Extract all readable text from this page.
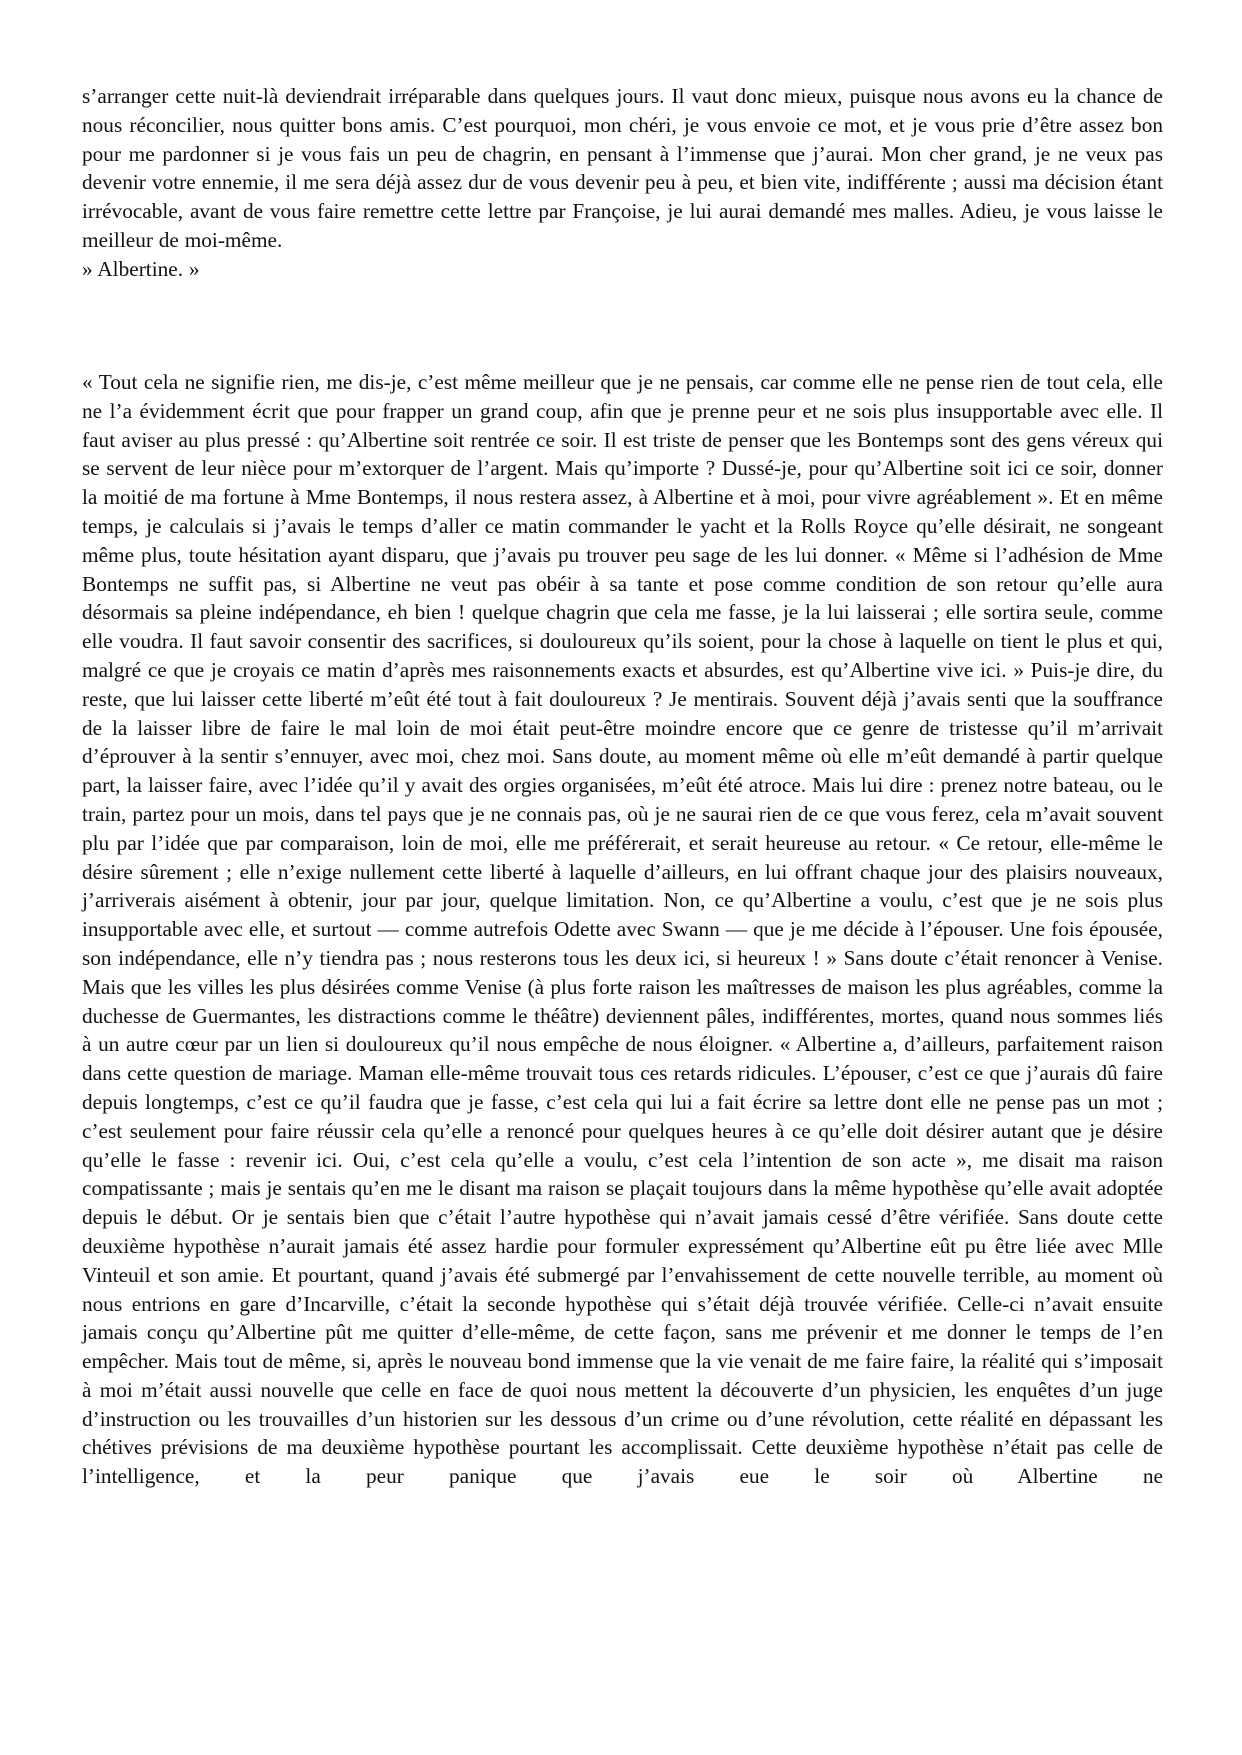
s’arranger cette nuit-là deviendrait irréparable dans quelques jours. Il vaut donc mieux, puisque nous avons eu la chance de nous réconcilier, nous quitter bons amis. C’est pourquoi, mon chéri, je vous envoie ce mot, et je vous prie d’être assez bon pour me pardonner si je vous fais un peu de chagrin, en pensant à l’immense que j’aurai. Mon cher grand, je ne veux pas devenir votre ennemie, il me sera déjà assez dur de vous devenir peu à peu, et bien vite, indifférente ; aussi ma décision étant irrévocable, avant de vous faire remettre cette lettre par Françoise, je lui aurai demandé mes malles. Adieu, je vous laisse le meilleur de moi-même.

» Albertine. »

« Tout cela ne signifie rien, me dis-je, c’est même meilleur que je ne pensais, car comme elle ne pense rien de tout cela, elle ne l’a évidemment écrit que pour frapper un grand coup, afin que je prenne peur et ne sois plus insupportable avec elle. Il faut aviser au plus pressé : qu’Albertine soit rentrée ce soir. Il est triste de penser que les Bontemps sont des gens véreux qui se servent de leur nièce pour m’extorquer de l’argent. Mais qu’importe ? Dussé-je, pour qu’Albertine soit ici ce soir, donner la moitié de ma fortune à Mme Bontemps, il nous restera assez, à Albertine et à moi, pour vivre agréablement ». Et en même temps, je calculais si j’avais le temps d’aller ce matin commander le yacht et la Rolls Royce qu’elle désirait, ne songeant même plus, toute hésitation ayant disparu, que j’avais pu trouver peu sage de les lui donner. « Même si l’adhésion de Mme Bontemps ne suffit pas, si Albertine ne veut pas obéir à sa tante et pose comme condition de son retour qu’elle aura désormais sa pleine indépendance, eh bien ! quelque chagrin que cela me fasse, je la lui laisserai ; elle sortira seule, comme elle voudra. Il faut savoir consentir des sacrifices, si douloureux qu’ils soient, pour la chose à laquelle on tient le plus et qui, malgré ce que je croyais ce matin d’après mes raisonnements exacts et absurdes, est qu’Albertine vive ici. » Puis-je dire, du reste, que lui laisser cette liberté m’eût été tout à fait douloureux ? Je mentirais. Souvent déjà j’avais senti que la souffrance de la laisser libre de faire le mal loin de moi était peut-être moindre encore que ce genre de tristesse qu’il m’arrivait d’éprouver à la sentir s’ennuyer, avec moi, chez moi. Sans doute, au moment même où elle m’eût demandé à partir quelque part, la laisser faire, avec l’idée qu’il y avait des orgies organisées, m’eût été atroce. Mais lui dire : prenez notre bateau, ou le train, partez pour un mois, dans tel pays que je ne connais pas, où je ne saurai rien de ce que vous ferez, cela m’avait souvent plu par l’idée que par comparaison, loin de moi, elle me préférerait, et serait heureuse au retour. « Ce retour, elle-même le désire sûrement ; elle n’exige nullement cette liberté à laquelle d’ailleurs, en lui offrant chaque jour des plaisirs nouveaux, j’arriverais aisément à obtenir, jour par jour, quelque limitation. Non, ce qu’Albertine a voulu, c’est que je ne sois plus insupportable avec elle, et surtout — comme autrefois Odette avec Swann — que je me décide à l’épouser. Une fois épousée, son indépendance, elle n’y tiendra pas ; nous resterons tous les deux ici, si heureux ! » Sans doute c’était renoncer à Venise. Mais que les villes les plus désirées comme Venise (à plus forte raison les maîtresses de maison les plus agréables, comme la duchesse de Guermantes, les distractions comme le théâtre) deviennent pâles, indifférentes, mortes, quand nous sommes liés à un autre cœur par un lien si douloureux qu’il nous empêche de nous éloigner. « Albertine a, d’ailleurs, parfaitement raison dans cette question de mariage. Maman elle-même trouvait tous ces retards ridicules. L’épouser, c’est ce que j’aurais dû faire depuis longtemps, c’est ce qu’il faudra que je fasse, c’est cela qui lui a fait écrire sa lettre dont elle ne pense pas un mot ; c’est seulement pour faire réussir cela qu’elle a renoncé pour quelques heures à ce qu’elle doit désirer autant que je désire qu’elle le fasse : revenir ici. Oui, c’est cela qu’elle a voulu, c’est cela l’intention de son acte », me disait ma raison compatissante ; mais je sentais qu’en me le disant ma raison se plaçait toujours dans la même hypothèse qu’elle avait adoptée depuis le début. Or je sentais bien que c’était l’autre hypothèse qui n’avait jamais cessé d’être vérifiée. Sans doute cette deuxième hypothèse n’aurait jamais été assez hardie pour formuler expressément qu’Albertine eût pu être liée avec Mlle Vinteuil et son amie. Et pourtant, quand j’avais été submergé par l’envahissement de cette nouvelle terrible, au moment où nous entrions en gare d’Incarville, c’était la seconde hypothèse qui s’était déjà trouvée vérifiée. Celle-ci n’avait ensuite jamais conçu qu’Albertine pût me quitter d’elle-même, de cette façon, sans me prévenir et me donner le temps de l’en empêcher. Mais tout de même, si, après le nouveau bond immense que la vie venait de me faire faire, la réalité qui s’imposait à moi m’était aussi nouvelle que celle en face de quoi nous mettent la découverte d’un physicien, les enquêtes d’un juge d’instruction ou les trouvailles d’un historien sur les dessous d’un crime ou d’une révolution, cette réalité en dépassant les chétives prévisions de ma deuxième hypothèse pourtant les accomplissait. Cette deuxième hypothèse n’était pas celle de l’intelligence, et la peur panique que j’avais eue le soir où Albertine ne
